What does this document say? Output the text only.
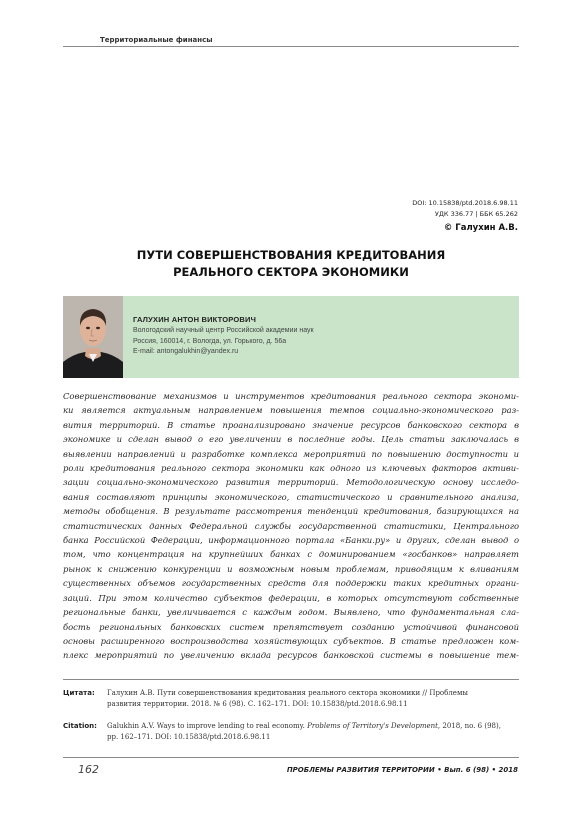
Территориальные финансы
DOI: 10.15838/ptd.2018.6.98.11
УДК 336.77 | ББК 65.262
© Галухин А.В.
ПУТИ СОВЕРШЕНСТВОВАНИЯ КРЕДИТОВАНИЯ
РЕАЛЬНОГО СЕКТОРА ЭКОНОМИКИ
ГАЛУХИН АНТОН ВИКТОРОВИЧ
Вологодский научный центр Российской академии наук
Россия, 160014, г. Вологда, ул. Горького, д. 56а
E-mail: antongalukhin@yandex.ru
Совершенствование механизмов и инструментов кредитования реального сектора экономи-
ки является актуальным направлением повышения темпов социально-экономического раз-
вития территорий. В статье проанализировано значение ресурсов банковского сектора в
экономике и сделан вывод о его увеличении в последние годы. Цель статьи заключалась в
выявлении направлений и разработке комплекса мероприятий по повышению доступности и
роли кредитования реального сектора экономики как одного из ключевых факторов активи-
зации социально-экономического развития территорий. Методологическую основу исследо-
вания составляют принципы экономического, статистического и сравнительного анализа,
методы обобщения. В результате рассмотрения тенденций кредитования, базирующихся на
статистических данных Федеральной службы государственной статистики, Центрального
банка Российской Федерации, информационного портала «Банки.ру» и других, сделан вывод о
том, что концентрация на крупнейших банках с доминированием «госбанков» направляет
рынок к снижению конкуренции и возможным новым проблемам, приводящим к вливаниям
существенных объемов государственных средств для поддержки таких кредитных органи-
заций. При этом количество субъектов федерации, в которых отсутствуют собственные
региональные банки, увеличивается с каждым годом. Выявлено, что фундаментальная сла-
бость региональных банковских систем препятствует созданию устойчивой финансовой
основы расширенного воспроизводства хозяйствующих субъектов. В статье предложен ком-
плекс мероприятий по увеличению вклада ресурсов банковской системы в повышение тем-
Цитата: Галухин А.В. Пути совершенствования кредитования реального сектора экономики // Проблемы
развития территории. 2018. № 6 (98). С. 162–171. DOI: 10.15838/ptd.2018.6.98.11
Citation: Galukhin A.V. Ways to improve lending to real economy. Problems of Territory's Development, 2018, no. 6 (98),
pp. 162–171. DOI: 10.15838/ptd.2018.6.98.11
162	ПРОБЛЕМЫ РАЗВИТИЯ ТЕРРИТОРИИ • Вып. 6 (98) • 2018
